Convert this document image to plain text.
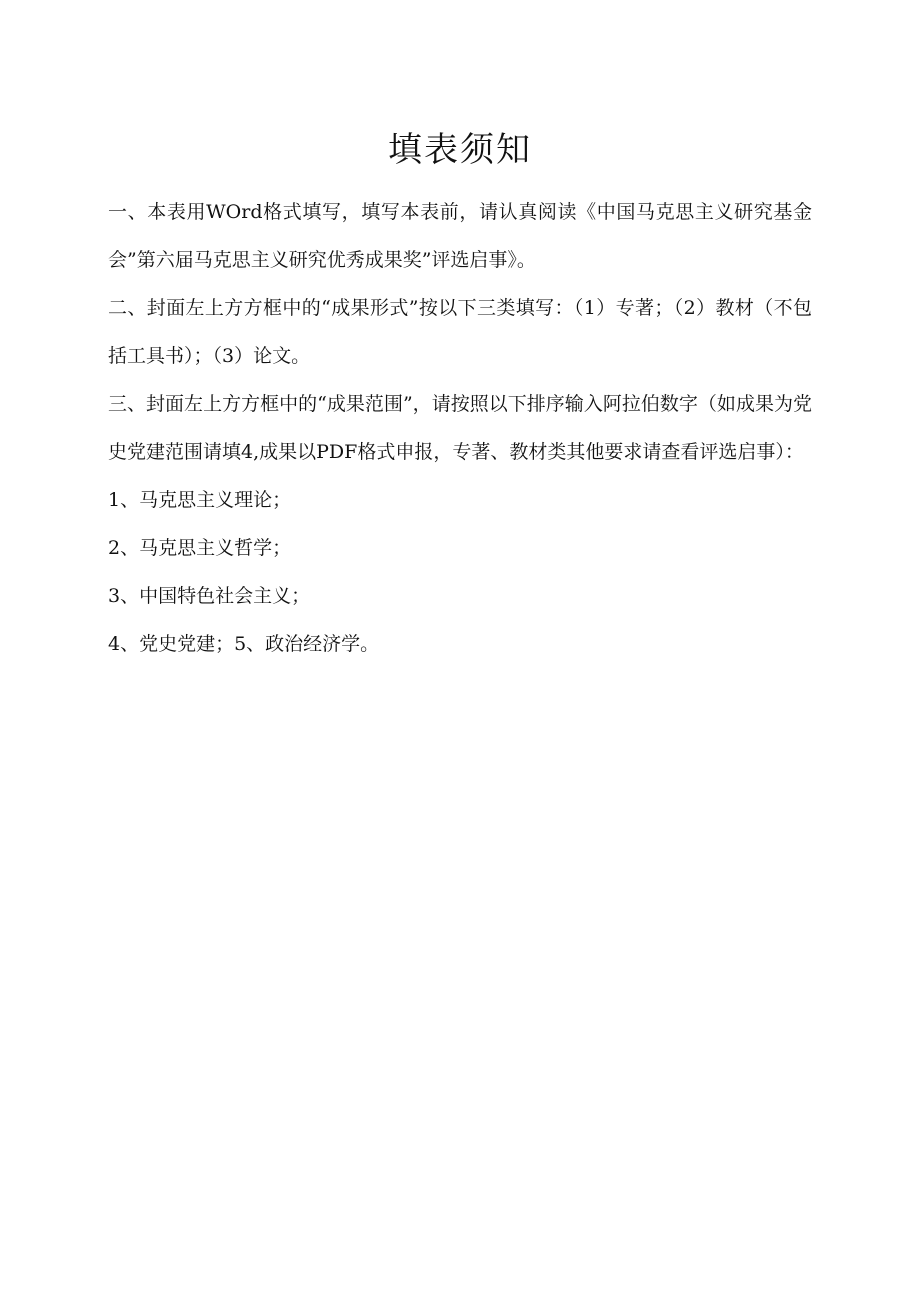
填表须知

一、本表用WOrd格式填写，填写本表前，请认真阅读《中国马克思主义研究基金会”第六届马克思主义研究优秀成果奖”评选启事》。

二、封面左上方方框中的“成果形式”按以下三类填写：（1）专著；（2）教材（不包括工具书）；（3）论文。

三、封面左上方方框中的“成果范围”，请按照以下排序输入阿拉伯数字（如成果为党史党建范围请填4,成果以PDF格式申报，专著、教材类其他要求请查看评选启事）：

1、马克思主义理论；

2、马克思主义哲学；

3、中国特色社会主义；

4、党史党建；5、政治经济学。
